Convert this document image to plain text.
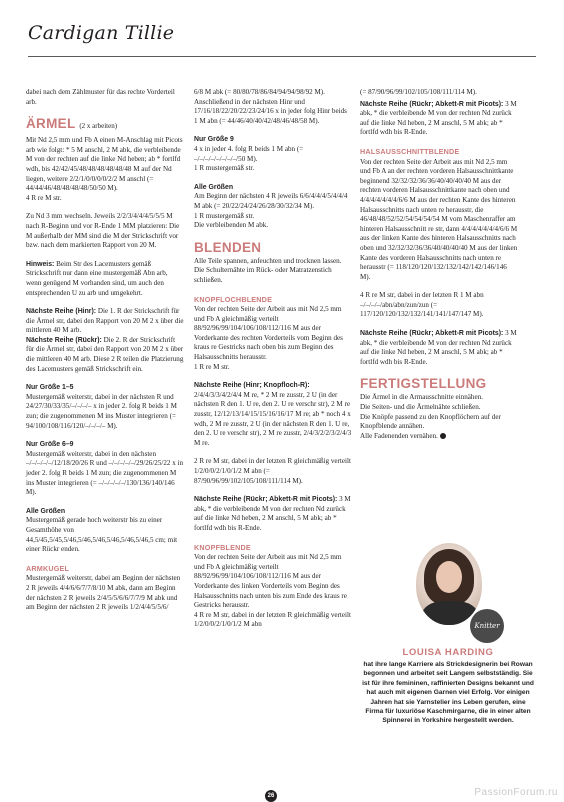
Cardigan Tillie

dabei nach dem Zählmuster für das rechte Vorderteil arb.

ÄRMEL (2 x arbeiten)

Mit Nd 2,5 mm und Fb A einen M-Anschlag mit Picots arb wie folgt: * 5 M anschl, 2 M abk, die verbleibende M von der rechten auf die linke Nd heben; ab * fortlfd wdh, bis 42/42/45/48/48/48/48/48/48 M auf der Nd liegen, weitere 2/2/1/0/0/0/0/2/2 M anschl (= 44/44/46/48/48/48/48/50/50 M).
4 R re M str.

Zu Nd 3 mm wechseln. Jeweils 2/2/3/4/4/4/5/5/5 M nach R-Beginn und vor R-Ende 1 MM platzieren: Die M außerhalb der MM sind die M der Strickschrift vor bzw. nach dem markierten Rapport von 20 M.

Hinweis: Beim Str des Lacemusters gemäß Strickschrift nur dann eine mustergemäß Abn arb, wenn genügend M vorhanden sind, um auch den entsprechenden U zu arb und umgekehrt.

Nächste Reihe (Hinr): Die 1. R der Strickschrift für die Ärmel str, dabei den Rapport von 20 M 2 x über die mittleren 40 M arb.
Nächste Reihe (Rückr): Die 2. R der Strickschrift für die Ärmel str, dabei den Rapport von 20 M 2 x über die mittleren 40 M arb. Diese 2 R teilen die Platzierung des Lacemusters gemäß Strickschrift ein.

Nur Größe 1–5
Mustergemäß weiterstr, dabei in der nächsten R und 24/27/30/33/35/–/–/–/– x in jeder 2. folg R beids 1 M zun; die zugenommenen M ins Muster integrieren (= 94/100/108/116/120/–/–/–/– M).

Nur Größe 6–9
Mustergemäß weiterstr, dabei in den nächsten –/–/–/–/–/12/18/20/26 R und –/–/–/–/–/29/26/25/22 x in jeder 2. folg R beids 1 M zun; die zugenommenen M ins Muster integrieren (= –/–/–/–/–/130/136/140/146 M).

Alle Größen
Mustergemäß gerade hoch weiterstr bis zu einer Gesamthöhe von 44,5/45,5/45,5/46,5/46,5/46,5/46,5/46,5/46,5 cm; mit einer Rückr enden.

ARMKUGEL

Mustergemäß weiterstr, dabei am Beginn der nächsten 2 R jeweils 4/4/6/6/7/7/8/10 M abk, dann am Beginn der nächsten 2 R jeweils 2/4/5/5/6/6/7/7/9 M abk und am Beginn der nächsten 2 R jeweils 1/2/4/4/5/5/6/

6/8 M abk (= 80/80/78/86/84/94/94/98/92 M). Anschließend in der nächsten Hinr und 17/16/18/22/20/22/23/24/16 x in jeder folg Hinr beids 1 M abn (= 44/46/40/40/42/48/46/48/58 M).

Nur Größe 9
4 x in jeder 4. folg R beids 1 M abn (= –/–/–/–/–/–/–/–/50 M).
1 R mustergemäß str.

Alle Größen
Am Beginn der nächsten 4 R jeweils 6/6/4/4/4/5/4/4/4 M abk (= 20/22/24/24/26/28/30/32/34 M).
1 R mustergemäß str.
Die verbleibenden M abk.

BLENDEN

Alle Teile spannen, anfeuchten und trocknen lassen.
Die Schulternähte im Rück- oder Matratzenstich schließen.

KNOPFLOCHBLENDE

Von der rechten Seite der Arbeit aus mit Nd 2,5 mm und Fb A gleichmäßig verteilt 88/92/96/99/104/106/108/112/116 M aus der Vorderkante des rechten Vorderteils vom Beginn des kraus re Gestricks nach oben bis zum Beginn des Halsausschnitts herausstr.
1 R re M str.

Nächste Reihe (Hinr; Knopfloch-R): 2/4/4/3/3/4/2/4/4 M re, * 2 M re zusstr, 2 U (in der nächsten R den 1. U re, den 2. U re verschr str), 2 M re zusstr, 12/12/13/14/15/15/16/16/17 M re; ab * noch 4 x wdh, 2 M re zusstr, 2 U (in der nächsten R den 1. U re, den 2. U re verschr str), 2 M re zusstr, 2/4/3/2/2/3/2/4/3 M re.

2 R re M str, dabei in der letzten R gleichmäßig verteilt 1/2/0/0/2/1/0/1/2 M abn (= 87/90/96/99/102/105/108/111/114 M).

Nächste Reihe (Rückr; Abkett-R mit Picots): 3 M abk, * die verbleibende M von der rechten Nd zurück auf die linke Nd heben, 2 M anschl, 5 M abk; ab * fortlfd wdh bis R-Ende.

KNOPFBLENDE

Von der rechten Seite der Arbeit aus mit Nd 2,5 mm und Fb A gleichmäßig verteilt 88/92/96/99/104/106/108/112/116 M aus der Vorderkante des linken Vorderteils vom Beginn des Halsausschnitts nach unten bis zum Ende des kraus re Gestricks herausstr.
4 R re M str, dabei in der letzten R gleichmäßig verteilt 1/2/0/0/2/1/0/1/2 M abn

(= 87/90/96/99/102/105/108/111/114 M).

Nächste Reihe (Rückr; Abkett-R mit Picots): 3 M abk, * die verbleibende M von der rechten Nd zurück auf die linke Nd heben, 2 M anschl, 5 M abk; ab * fortlfd wdh bis R-Ende.

HALSAUSSCHNITTBLENDE

Von der rechten Seite der Arbeit aus mit Nd 2,5 mm und Fb A an der rechten vorderen Halsausschnittkante beginnend 32/32/32/36/36/40/40/40/40 M aus der rechten vorderen Halsausschnittkante nach oben und 4/4/4/4/4/4/4/6/6 M aus der rechten Kante des hinteren Halsausschnitts nach unten re herausstr, die 46/48/48/52/52/54/54/54/54 M vom Maschenraffer am hinteren Halsausschnitt re str, dann 4/4/4/4/4/4/4/6/6 M aus der linken Kante des hinteren Halsausschnitts nach oben und 32/32/32/36/36/40/40/40/40 M aus der linken Kante des vorderen Halsausschnitts nach unten re herausstr (= 118/120/120/132/132/142/142/146/146 M).

4 R re M str, dabei in der letzten R 1 M abn –/–/–/–/abn/abn/zun/zun (= 117/120/120/132/132/141/141/147/147 M).

Nächste Reihe (Rückr; Abkett-R mit Picots): 3 M abk, * die verbleibende M von der rechten Nd zurück auf die linke Nd heben, 2 M anschl, 5 M abk; ab * fortlfd wdh bis R-Ende.

FERTIGSTELLUNG

Die Ärmel in die Armausschnitte einnähen.
Die Seiten- und die Ärmelnähte schließen.
Die Knöpfe passend zu den Knopflöchern auf der Knopfblende annähen.
Alle Fadenenden vernähen.

Knitter
LOUISA HARDING
hat ihre lange Karriere als Strickdesignerin bei Rowan begonnen und arbeitet seit Langem selbstständig. Sie ist für ihre femininen, raffinierten Designs bekannt und hat auch mit eigenen Garnen viel Erfolg. Vor einigen Jahren hat sie Yarnstelier ins Leben gerufen, eine Firma für luxuriöse Kaschmirgarne, die in einer alten Spinnerei in Yorkshire hergestellt werden.
26	PassionForum.ru
